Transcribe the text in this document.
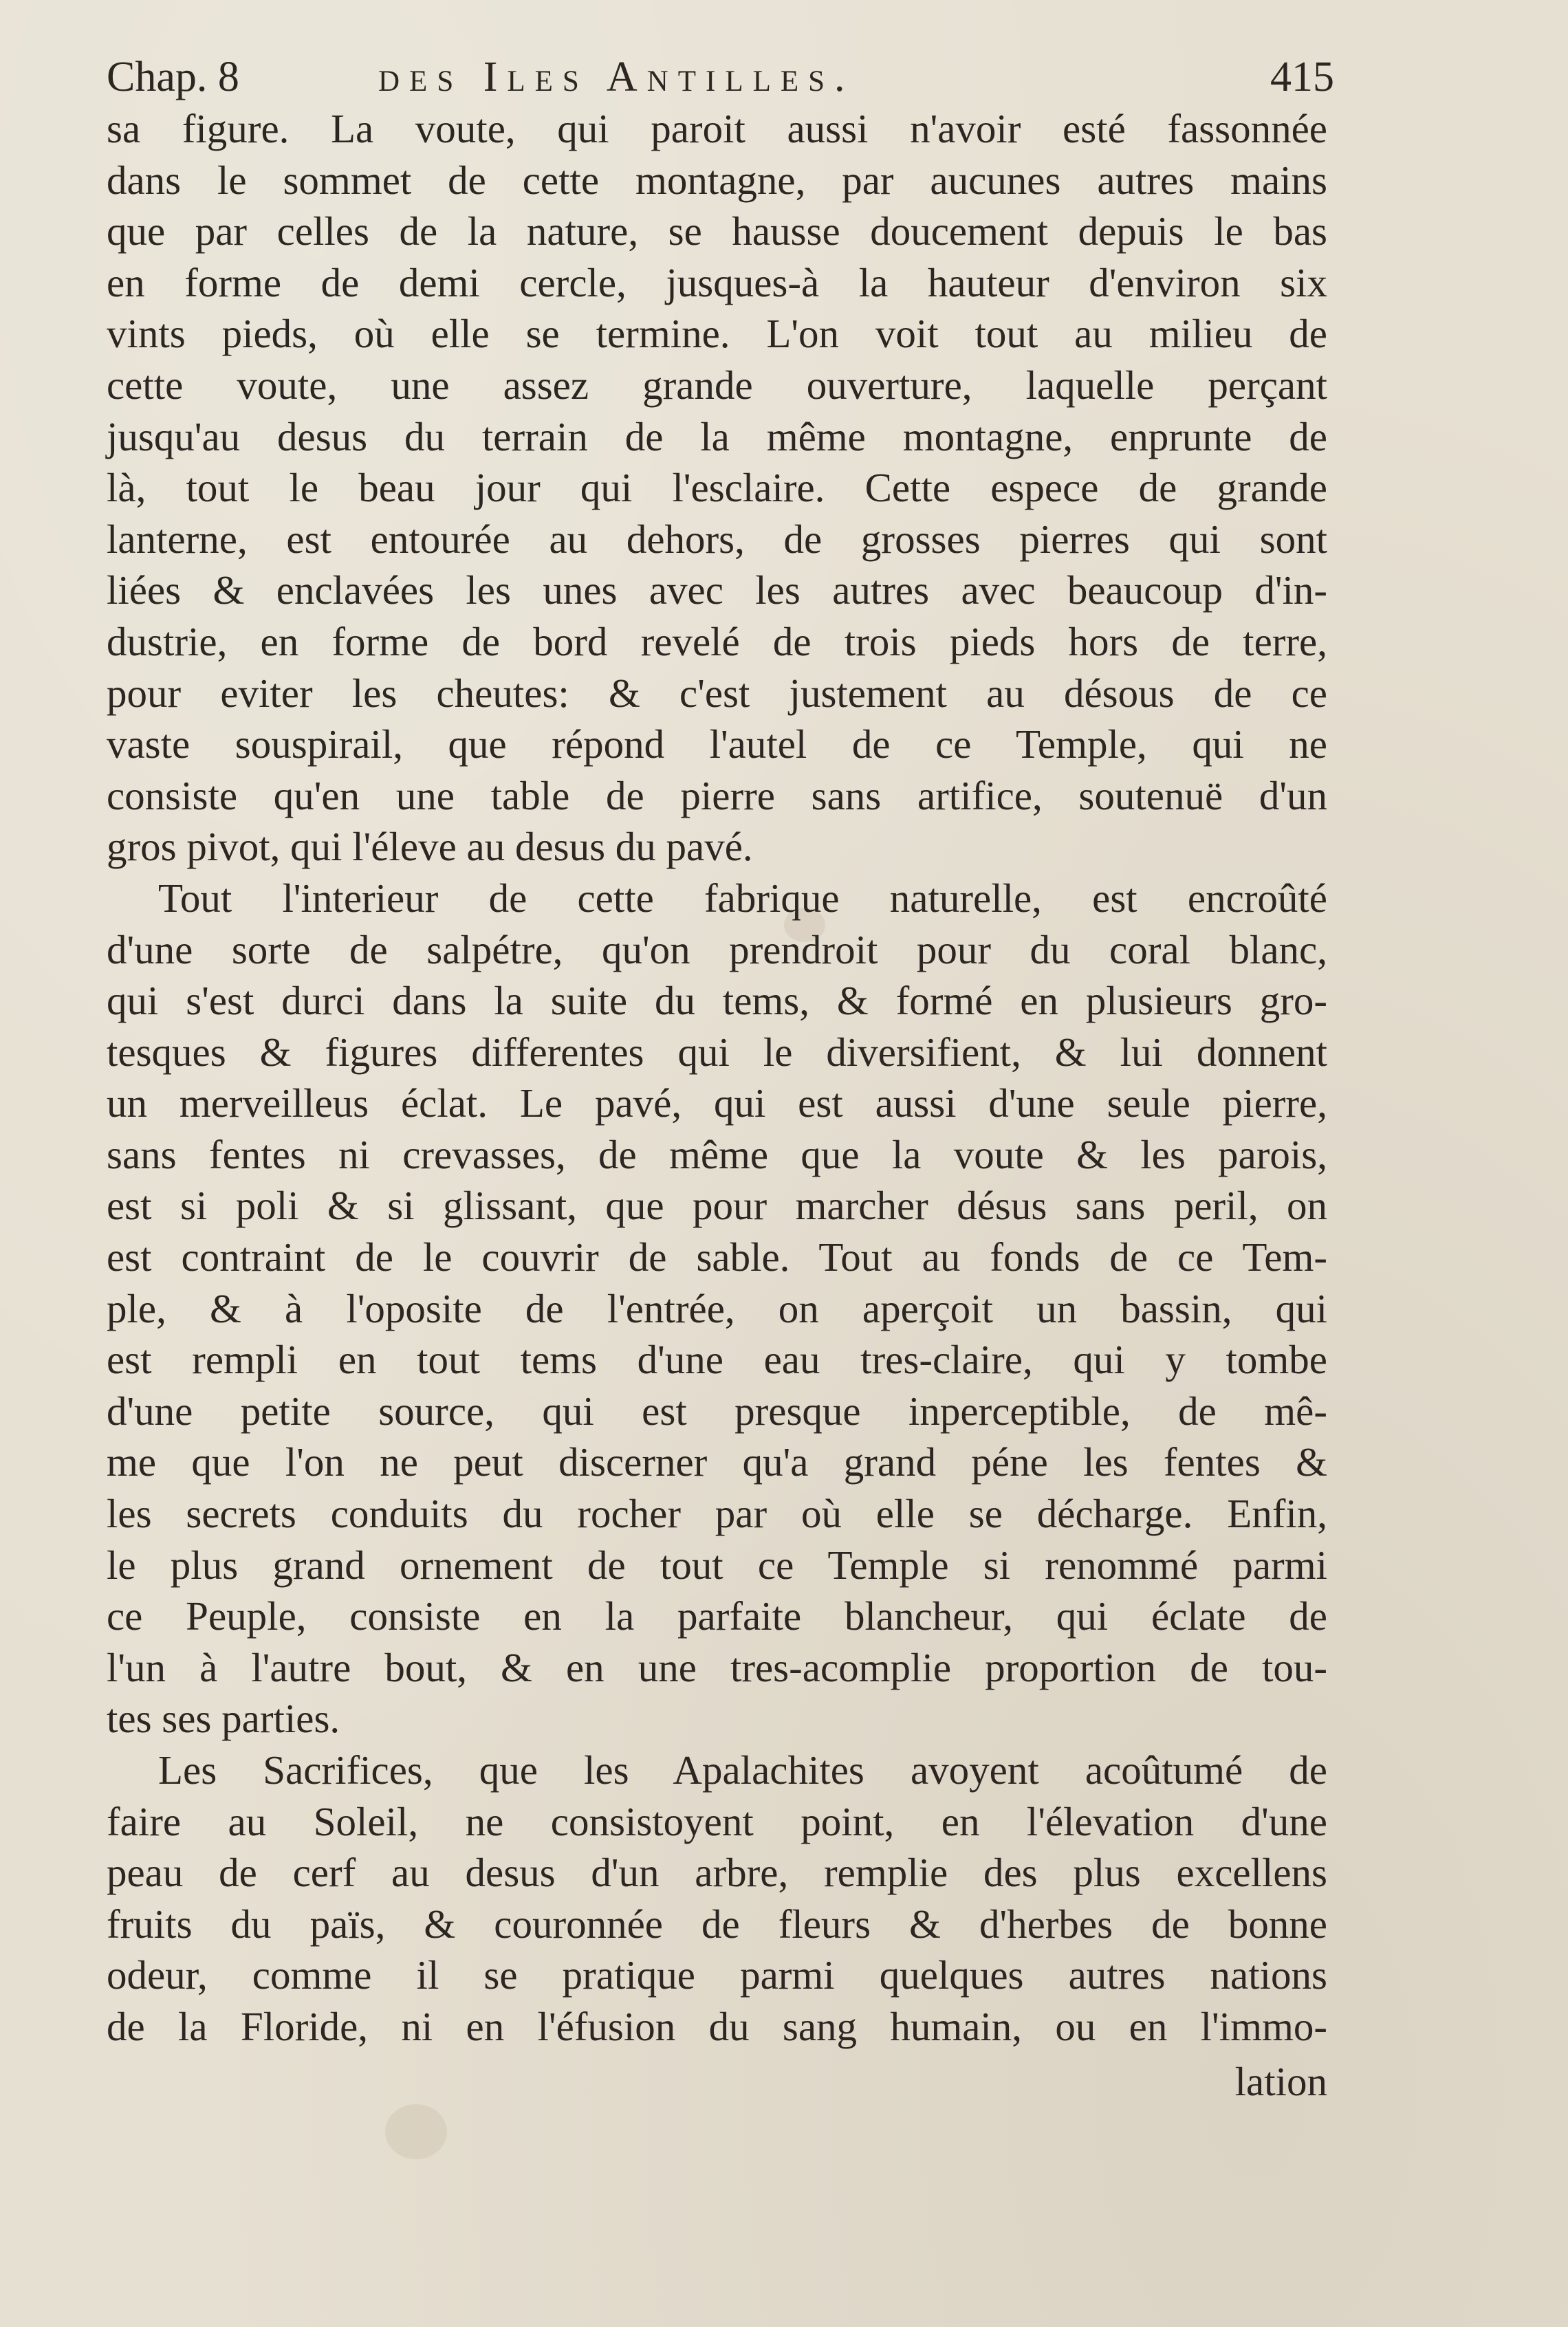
Chap. 8	des Iles Antilles.	415
sa figure. La voute, qui paroit aussi n'avoir esté fassonnée
dans le sommet de cette montagne, par aucunes autres mains
que par celles de la nature, se hausse doucement depuis le bas
en forme de demi cercle, jusques-à la hauteur d'environ six
vints pieds, où elle se termine. L'on voit tout au milieu de
cette voute, une assez grande ouverture, laquelle perçant
jusqu'au desus du terrain de la même montagne, enprunte de
là, tout le beau jour qui l'esclaire. Cette espece de grande
lanterne, est entourée au dehors, de grosses pierres qui sont
liées & enclavées les unes avec les autres avec beaucoup d'in-
dustrie, en forme de bord revelé de trois pieds hors de terre,
pour eviter les cheutes: & c'est justement au désous de ce
vaste souspirail, que répond l'autel de ce Temple, qui ne
consiste qu'en une table de pierre sans artifice, soutenuë d'un
gros pivot, qui l'éleve au desus du pavé.
Tout l'interieur de cette fabrique naturelle, est encroûté
d'une sorte de salpétre, qu'on prendroit pour du coral blanc,
qui s'est durci dans la suite du tems, & formé en plusieurs gro-
tesques & figures differentes qui le diversifient, & lui donnent
un merveilleus éclat. Le pavé, qui est aussi d'une seule pierre,
sans fentes ni crevasses, de même que la voute & les parois,
est si poli & si glissant, que pour marcher désus sans peril, on
est contraint de le couvrir de sable. Tout au fonds de ce Tem-
ple, & à l'oposite de l'entrée, on aperçoit un bassin, qui
est rempli en tout tems d'une eau tres-claire, qui y tombe
d'une petite source, qui est presque inperceptible, de mê-
me que l'on ne peut discerner qu'a grand péne les fentes &
les secrets conduits du rocher par où elle se décharge. Enfin,
le plus grand ornement de tout ce Temple si renommé parmi
ce Peuple, consiste en la parfaite blancheur, qui éclate de
l'un à l'autre bout, & en une tres-acomplie proportion de tou-
tes ses parties.
Les Sacrifices, que les Apalachites avoyent acoûtumé de
faire au Soleil, ne consistoyent point, en l'élevation d'une
peau de cerf au desus d'un arbre, remplie des plus excellens
fruits du païs, & couronnée de fleurs & d'herbes de bonne
odeur, comme il se pratique parmi quelques autres nations
de la Floride, ni en l'éfusion du sang humain, ou en l'immo-
lation
